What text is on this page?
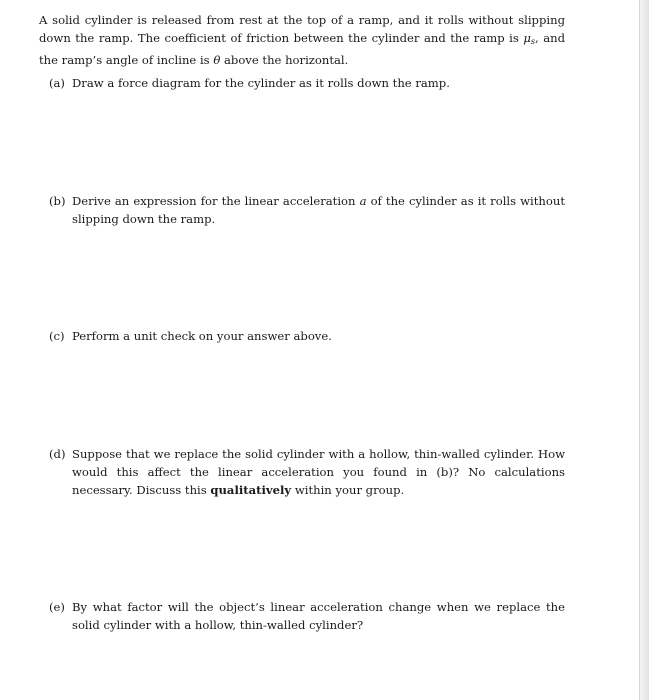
A solid cylinder is released from rest at the top of a ramp, and it rolls without slipping down the ramp. The coefficient of friction between the cylinder and the ramp is $\mu_s$, and the ramp’s angle of incline is θ above the horizontal.

(a) Draw a force diagram for the cylinder as it rolls down the ramp.
(b) Derive an expression for the linear acceleration a of the cylinder as it rolls without slipping down the ramp.
(c) Perform a unit check on your answer above.
(d) Suppose that we replace the solid cylinder with a hollow, thin-walled cylinder. How would this affect the linear acceleration you found in (b)? No calculations necessary. Discuss this qualitatively within your group.
(e) By what factor will the object’s linear acceleration change when we replace the solid cylinder with a hollow, thin-walled cylinder?
